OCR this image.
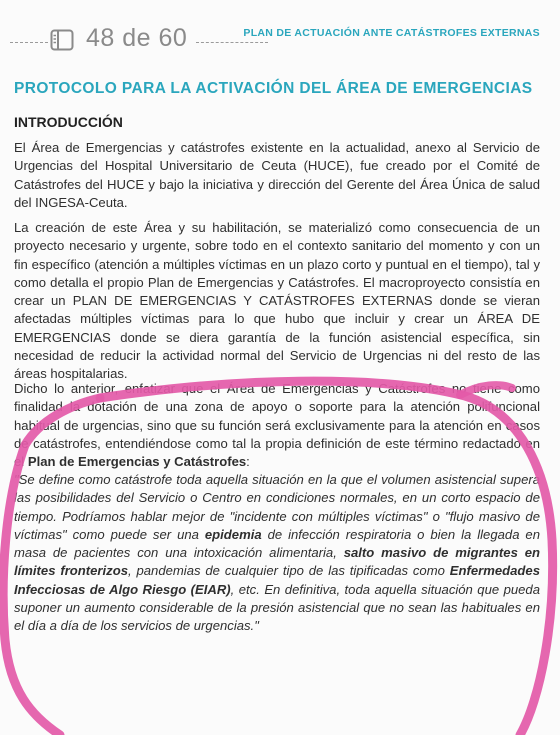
48 de 60	PLAN DE ACTUACIÓN ANTE CATÁSTROFES EXTERNAS
PROTOCOLO PARA LA ACTIVACIÓN DEL ÁREA DE EMERGENCIAS
INTRODUCCIÓN
El Área de Emergencias y catástrofes existente en la actualidad, anexo al Servicio de Urgencias del Hospital Universitario de Ceuta (HUCE), fue creado por el Comité de Catástrofes del HUCE y bajo la iniciativa y dirección del Gerente del Área Única de salud del INGESA-Ceuta.
La creación de este Área y su habilitación, se materializó como consecuencia de un proyecto necesario y urgente, sobre todo en el contexto sanitario del momento y con un fin específico (atención a múltiples víctimas en un plazo corto y puntual en el tiempo), tal y como detalla el propio Plan de Emergencias y Catástrofes. El macroproyecto consistía en crear un PLAN DE EMERGENCIAS Y CATÁSTROFES EXTERNAS donde se vieran afectadas múltiples víctimas para lo que hubo que incluir y crear un ÁREA DE EMERGENCIAS donde se diera garantía de la función asistencial específica, sin necesidad de reducir la actividad normal del Servicio de Urgencias ni del resto de las áreas hospitalarias.
Dicho lo anterior, enfatizar que el Área de Emergencias y Catástrofes no tiene como finalidad la dotación de una zona de apoyo o soporte para la atención polifuncional habitual de urgencias, sino que su función será exclusivamente para la atención en casos de catástrofes, entendiéndose como tal la propia definición de este término redactado en el Plan de Emergencias y Catástrofes:
"Se define como catástrofe toda aquella situación en la que el volumen asistencial supera las posibilidades del Servicio o Centro en condiciones normales, en un corto espacio de tiempo. Podríamos hablar mejor de "incidente con múltiples víctimas" o "flujo masivo de víctimas" como puede ser una epidemia de infección respiratoria o bien la llegada en masa de pacientes con una intoxicación alimentaria, salto masivo de migrantes en límites fronterizos, pandemias de cualquier tipo de las tipificadas como Enfermedades Infecciosas de Algo Riesgo (EIAR), etc. En definitiva, toda aquella situación que pueda suponer un aumento considerable de la presión asistencial que no sean las habituales en el día a día de los servicios de urgencias."
